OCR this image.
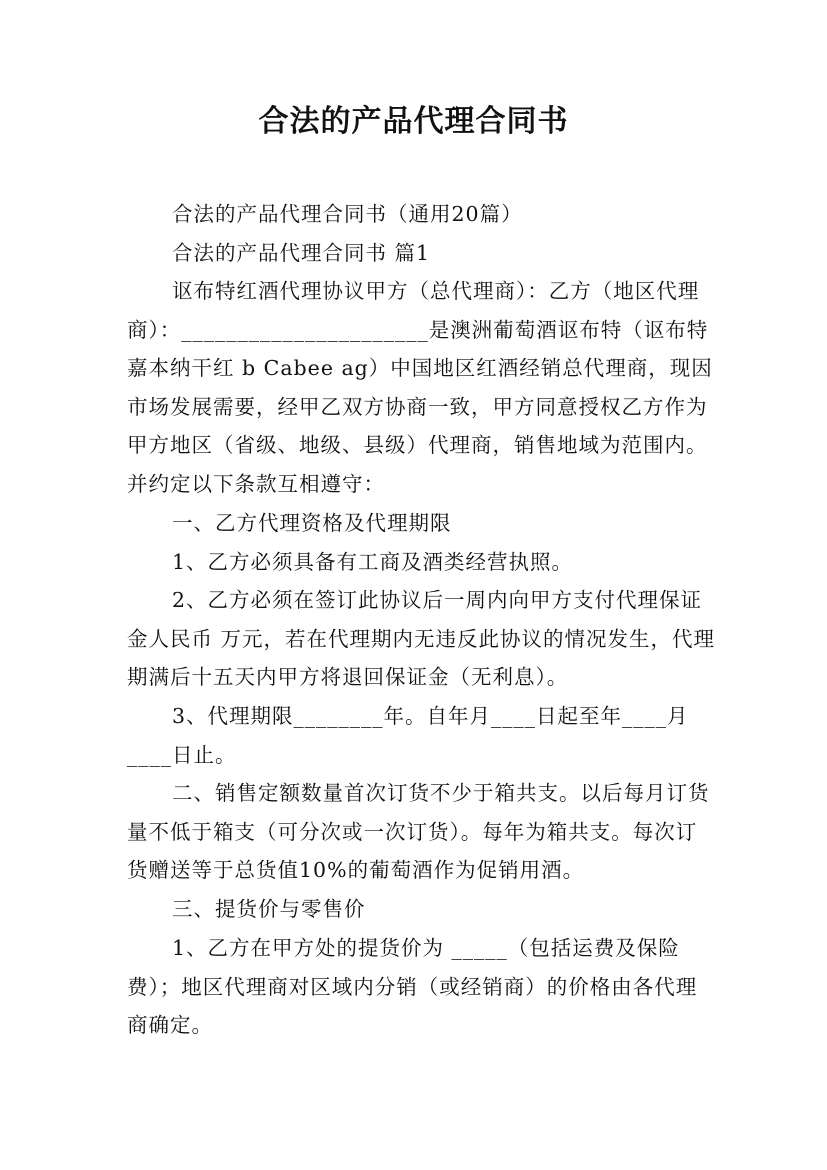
合法的产品代理合同书
合法的产品代理合同书（通用20篇）
合法的产品代理合同书 篇1
讴布特红酒代理协议甲方（总代理商）：乙方（地区代理商）：______________________是澳洲葡萄酒讴布特（讴布特嘉本纳干红 b Cabee ag）中国地区红酒经销总代理商，现因市场发展需要，经甲乙双方协商一致，甲方同意授权乙方作为甲方地区（省级、地级、县级）代理商，销售地域为范围内。并约定以下条款互相遵守：
一、乙方代理资格及代理期限
1、乙方必须具备有工商及酒类经营执照。
2、乙方必须在签订此协议后一周内向甲方支付代理保证金人民币 万元，若在代理期内无违反此协议的情况发生，代理期满后十五天内甲方将退回保证金（无利息）。
3、代理期限________年。自年月____日起至年____月____日止。
二、销售定额数量首次订货不少于箱共支。以后每月订货量不低于箱支（可分次或一次订货）。每年为箱共支。每次订货赠送等于总货值10%的葡萄酒作为促销用酒。
三、提货价与零售价
1、乙方在甲方处的提货价为 _____（包括运费及保险费）；地区代理商对区域内分销（或经销商）的价格由各代理商确定。
